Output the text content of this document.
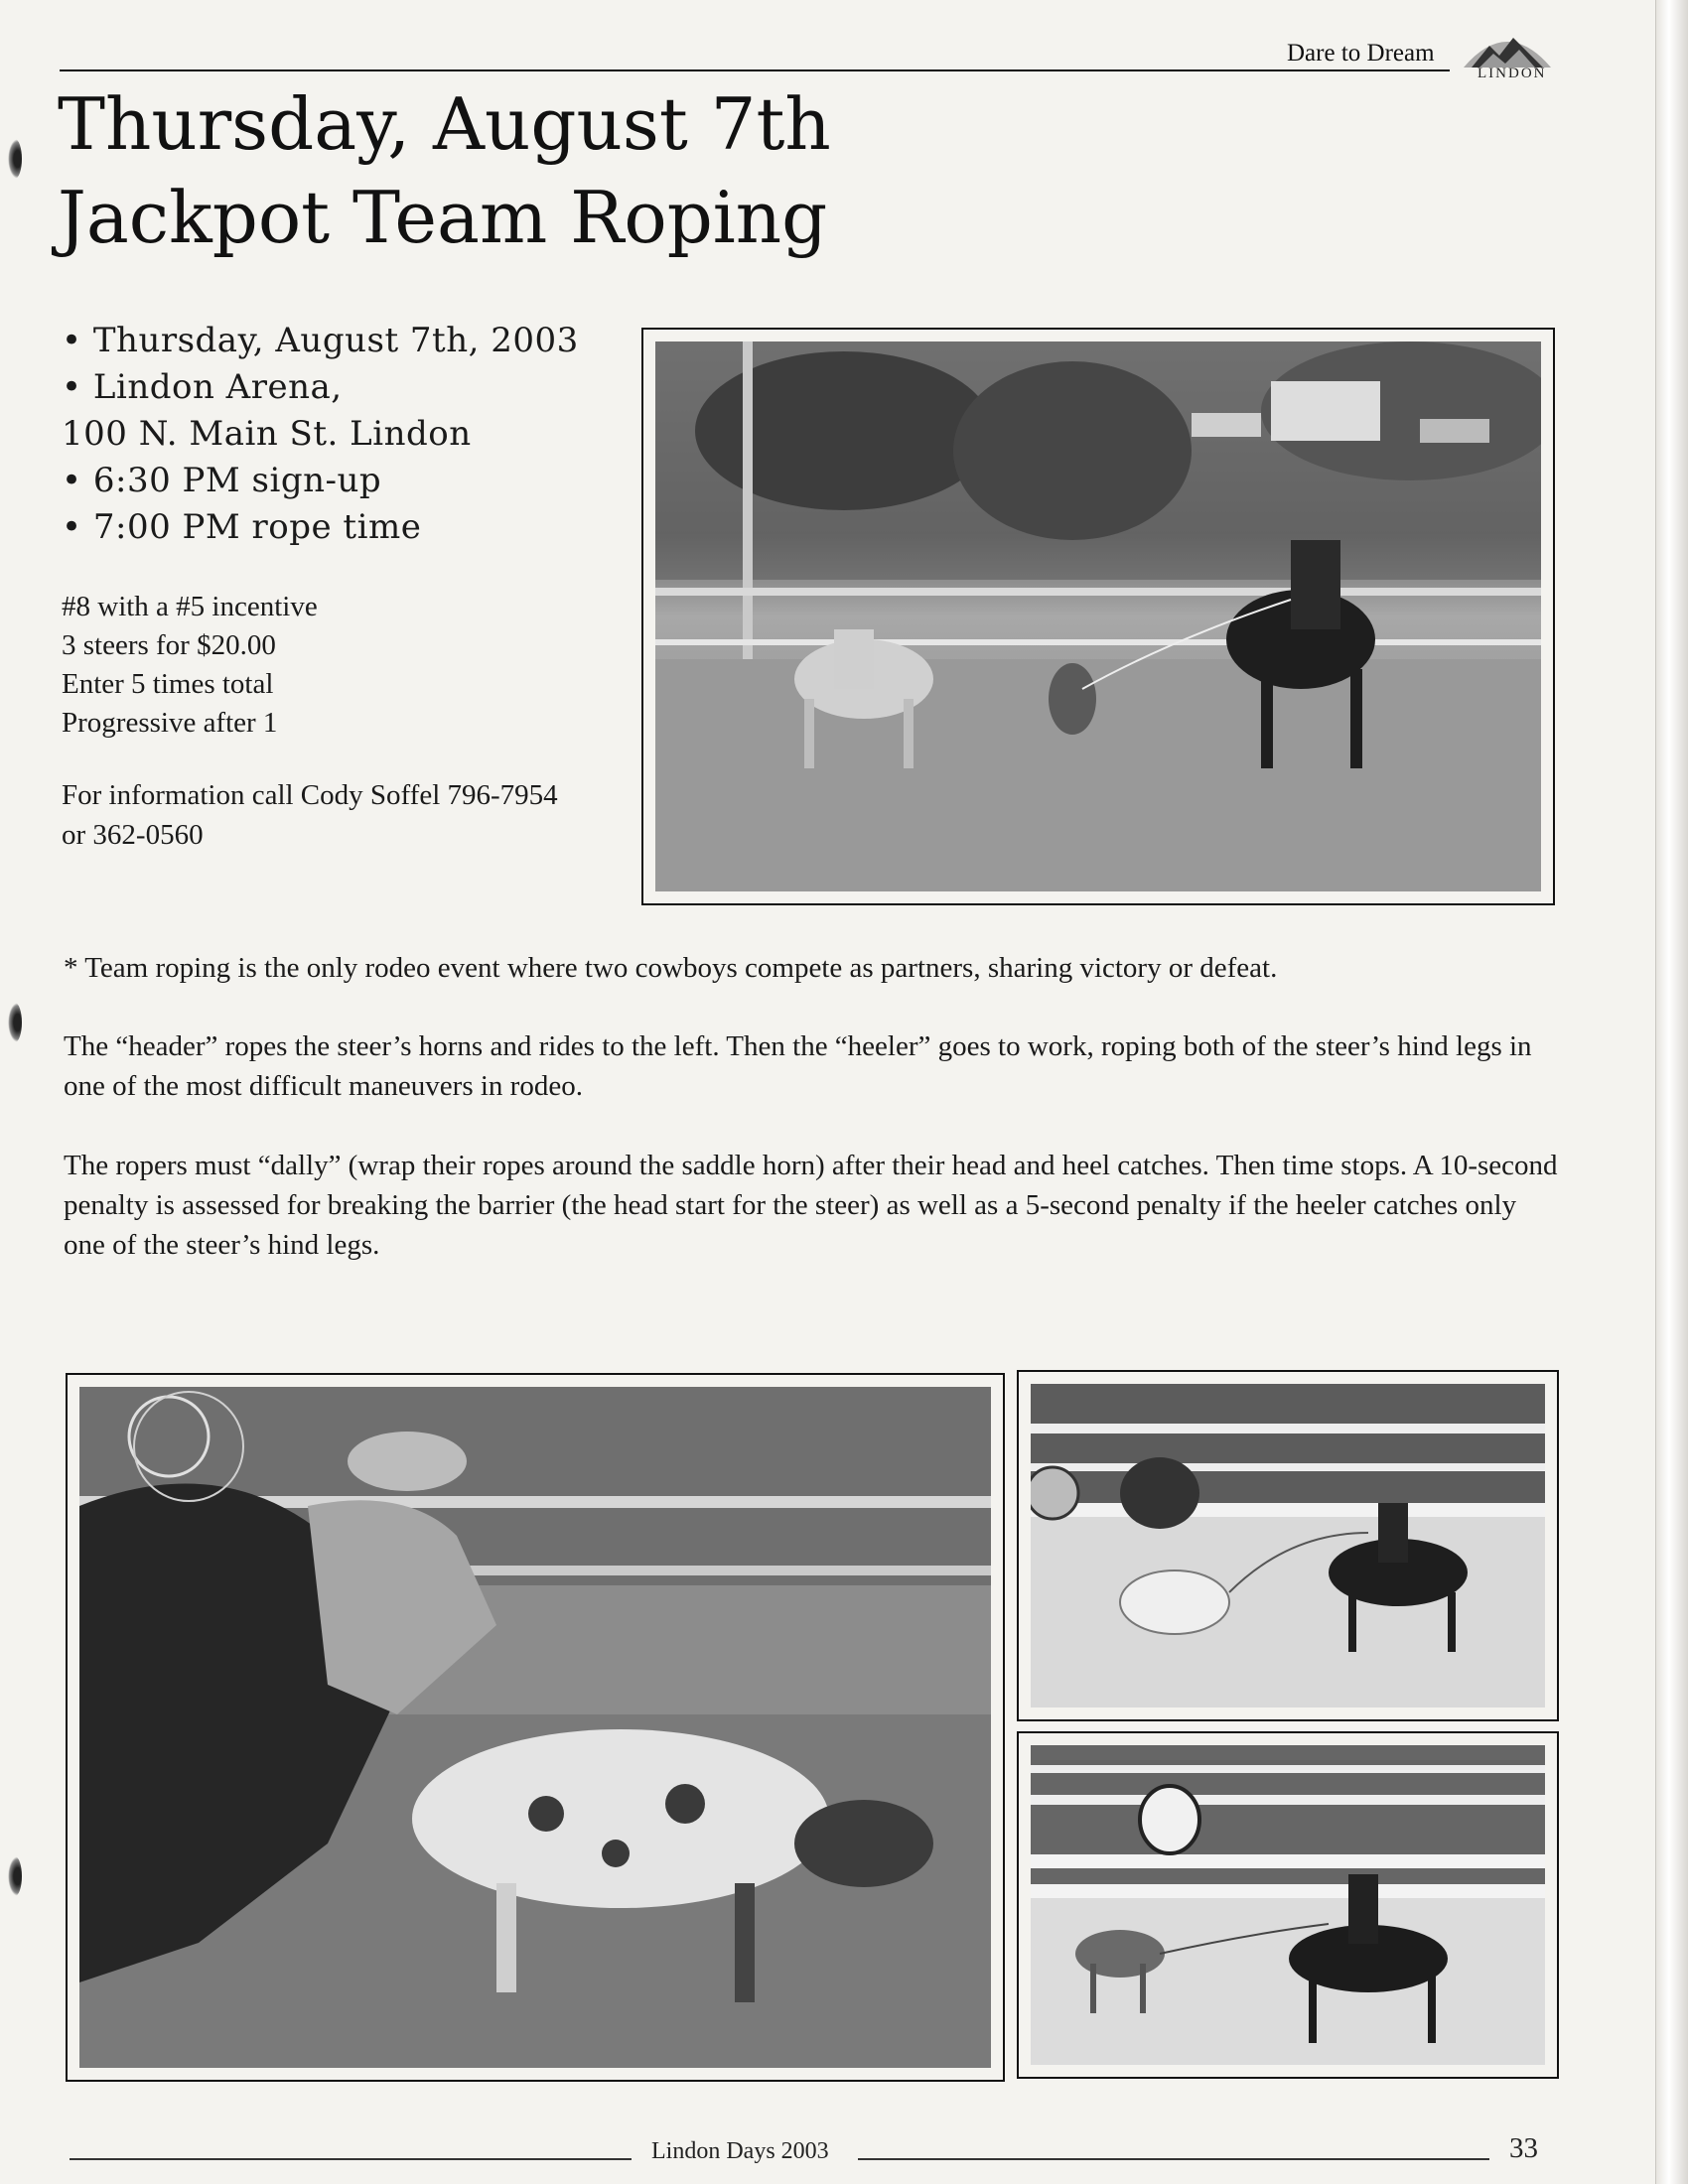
Dare to Dream
LINDON
Thursday, August 7th
Jackpot Team Roping
• Thursday, August 7th, 2003
• Lindon Arena,
100 N. Main St. Lindon
• 6:30 PM sign-up
• 7:00 PM rope time
#8 with a #5 incentive
3 steers for $20.00
Enter 5 times total
Progressive after 1
For information call Cody Soffel 796-7954
or 362-0560
* Team roping is the only rodeo event where two cowboys compete as partners, sharing victory or defeat.
The “header” ropes the steer’s horns and rides to the left. Then the “heeler” goes to work, roping both of the steer’s hind legs in one of the most difficult maneuvers in rodeo.
The ropers must “dally” (wrap their ropes around the saddle horn) after their head and heel catches. Then time stops. A 10-second penalty is assessed for breaking the barrier (the head start for the steer) as well as a 5-second penalty if the heeler catches only one of the steer’s hind legs.
Lindon Days 2003	33
